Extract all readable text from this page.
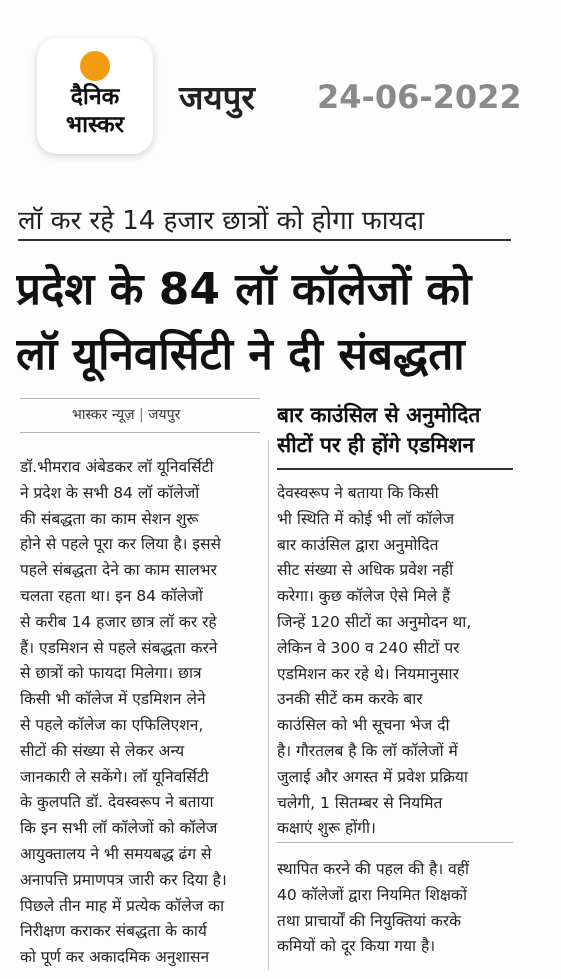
दैनिक
भास्कर
जयपुर 24-06-2022
लॉ कर रहे 14 हजार छात्रों को होगा फायदा
प्रदेश के 84 लॉ कॉलेजों को
लॉ यूनिवर्सिटी ने दी संबद्धता
भास्कर न्यूज़ | जयपुर

डॉ.भीमराव अंबेडकर लॉ यूनिवर्सिटी

ने प्रदेश के सभी 84 लॉ कॉलेजों

की संबद्धता का काम सेशन शुरू

होने से पहले पूरा कर लिया है। इससे

पहले संबद्धता देने का काम सालभर

चलता रहता था। इन 84 कॉलेजों

से करीब 14 हजार छात्र लॉ कर रहे

हैं। एडमिशन से पहले संबद्धता करने

से छात्रों को फायदा मिलेगा। छात्र

किसी भी कॉलेज में एडमिशन लेने

से पहले कॉलेज का एफिलिएशन,

सीटों की संख्या से लेकर अन्य

जानकारी ले सकेंगे। लॉ यूनिवर्सिटी

के कुलपति डॉ. देवस्वरूप ने बताया

कि इन सभी लॉ कॉलेजों को कॉलेज

आयुक्तालय ने भी समयबद्ध ढंग से

अनापत्ति प्रमाणपत्र जारी कर दिया है।

पिछले तीन माह में प्रत्येक कॉलेज का

निरीक्षण कराकर संबद्धता के कार्य

को पूर्ण कर अकादमिक अनुशासन

बार काउंसिल से अनुमोदित
सीटों पर ही होंगे एडमिशन

देवस्वरूप ने बताया कि किसी

भी स्थिति में कोई भी लॉ कॉलेज

बार काउंसिल द्वारा अनुमोदित

सीट संख्या से अधिक प्रवेश नहीं

करेगा। कुछ कॉलेज ऐसे मिले हैं

जिन्हें 120 सीटों का अनुमोदन था,

लेकिन वे 300 व 240 सीटों पर

एडमिशन कर रहे थे। नियमानुसार

उनकी सीटें कम करके बार

काउंसिल को भी सूचना भेज दी

है। गौरतलब है कि लॉ कॉलेजों में

जुलाई और अगस्त में प्रवेश प्रक्रिया

चलेगी, 1 सितम्बर से नियमित

कक्षाएं शुरू होंगी।

स्थापित करने की पहल की है। वहीं

40 कॉलेजों द्वारा नियमित शिक्षकों

तथा प्राचार्यों की नियुक्तियां करके

कमियों को दूर किया गया है।
